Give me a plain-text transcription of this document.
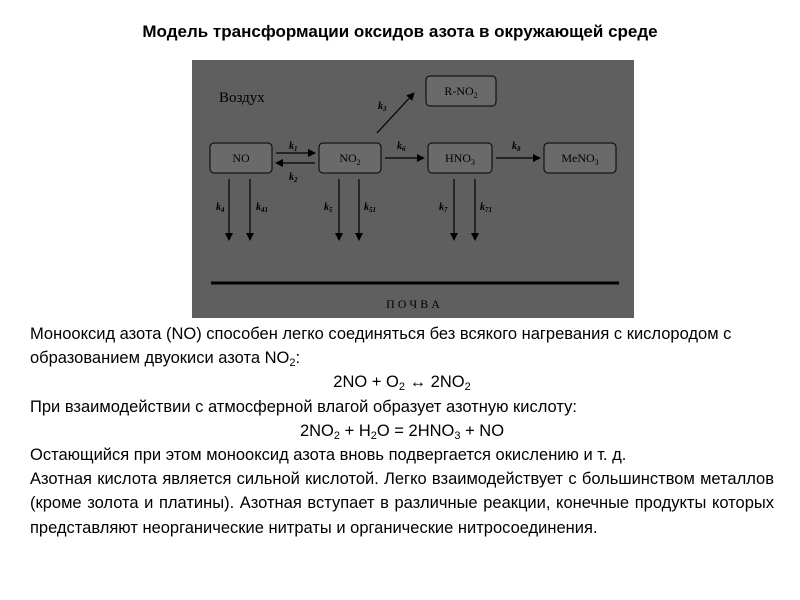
Модель трансформации оксидов азота в окружающей среде
Воздух
NO	$NO_2$	$HNO_3$	MeNO$_3$
$R-NO_2$
$k_1$
$k_2$
$k_3$
$k_6$	$k_8$
$k_4$	$k_{41}$	$k_5$	$k_{51}$	$k_7$	$k_{71}$
П О Ч В А

Монооксид азота (NO) способен легко соединяться без всякого нагревания с кислородом с образованием двуокиси азота $NO_2$:

$2NO + O_2$ ↔ $2NO_2$

При взаимодействии с атмосферной влагой образует азотную кислоту:

$2NO_2 + H_2O = 2HNO_3$ + NO

Остающийся при этом монооксид азота вновь подвергается окислению и т. д.

Азотная кислота является сильной кислотой. Легко взаимодействует с большинством металлов (кроме золота и платины). Азотная вступает в различные реакции, конечные продукты которых представляют неорганические нитраты и органические нитросоединения.
